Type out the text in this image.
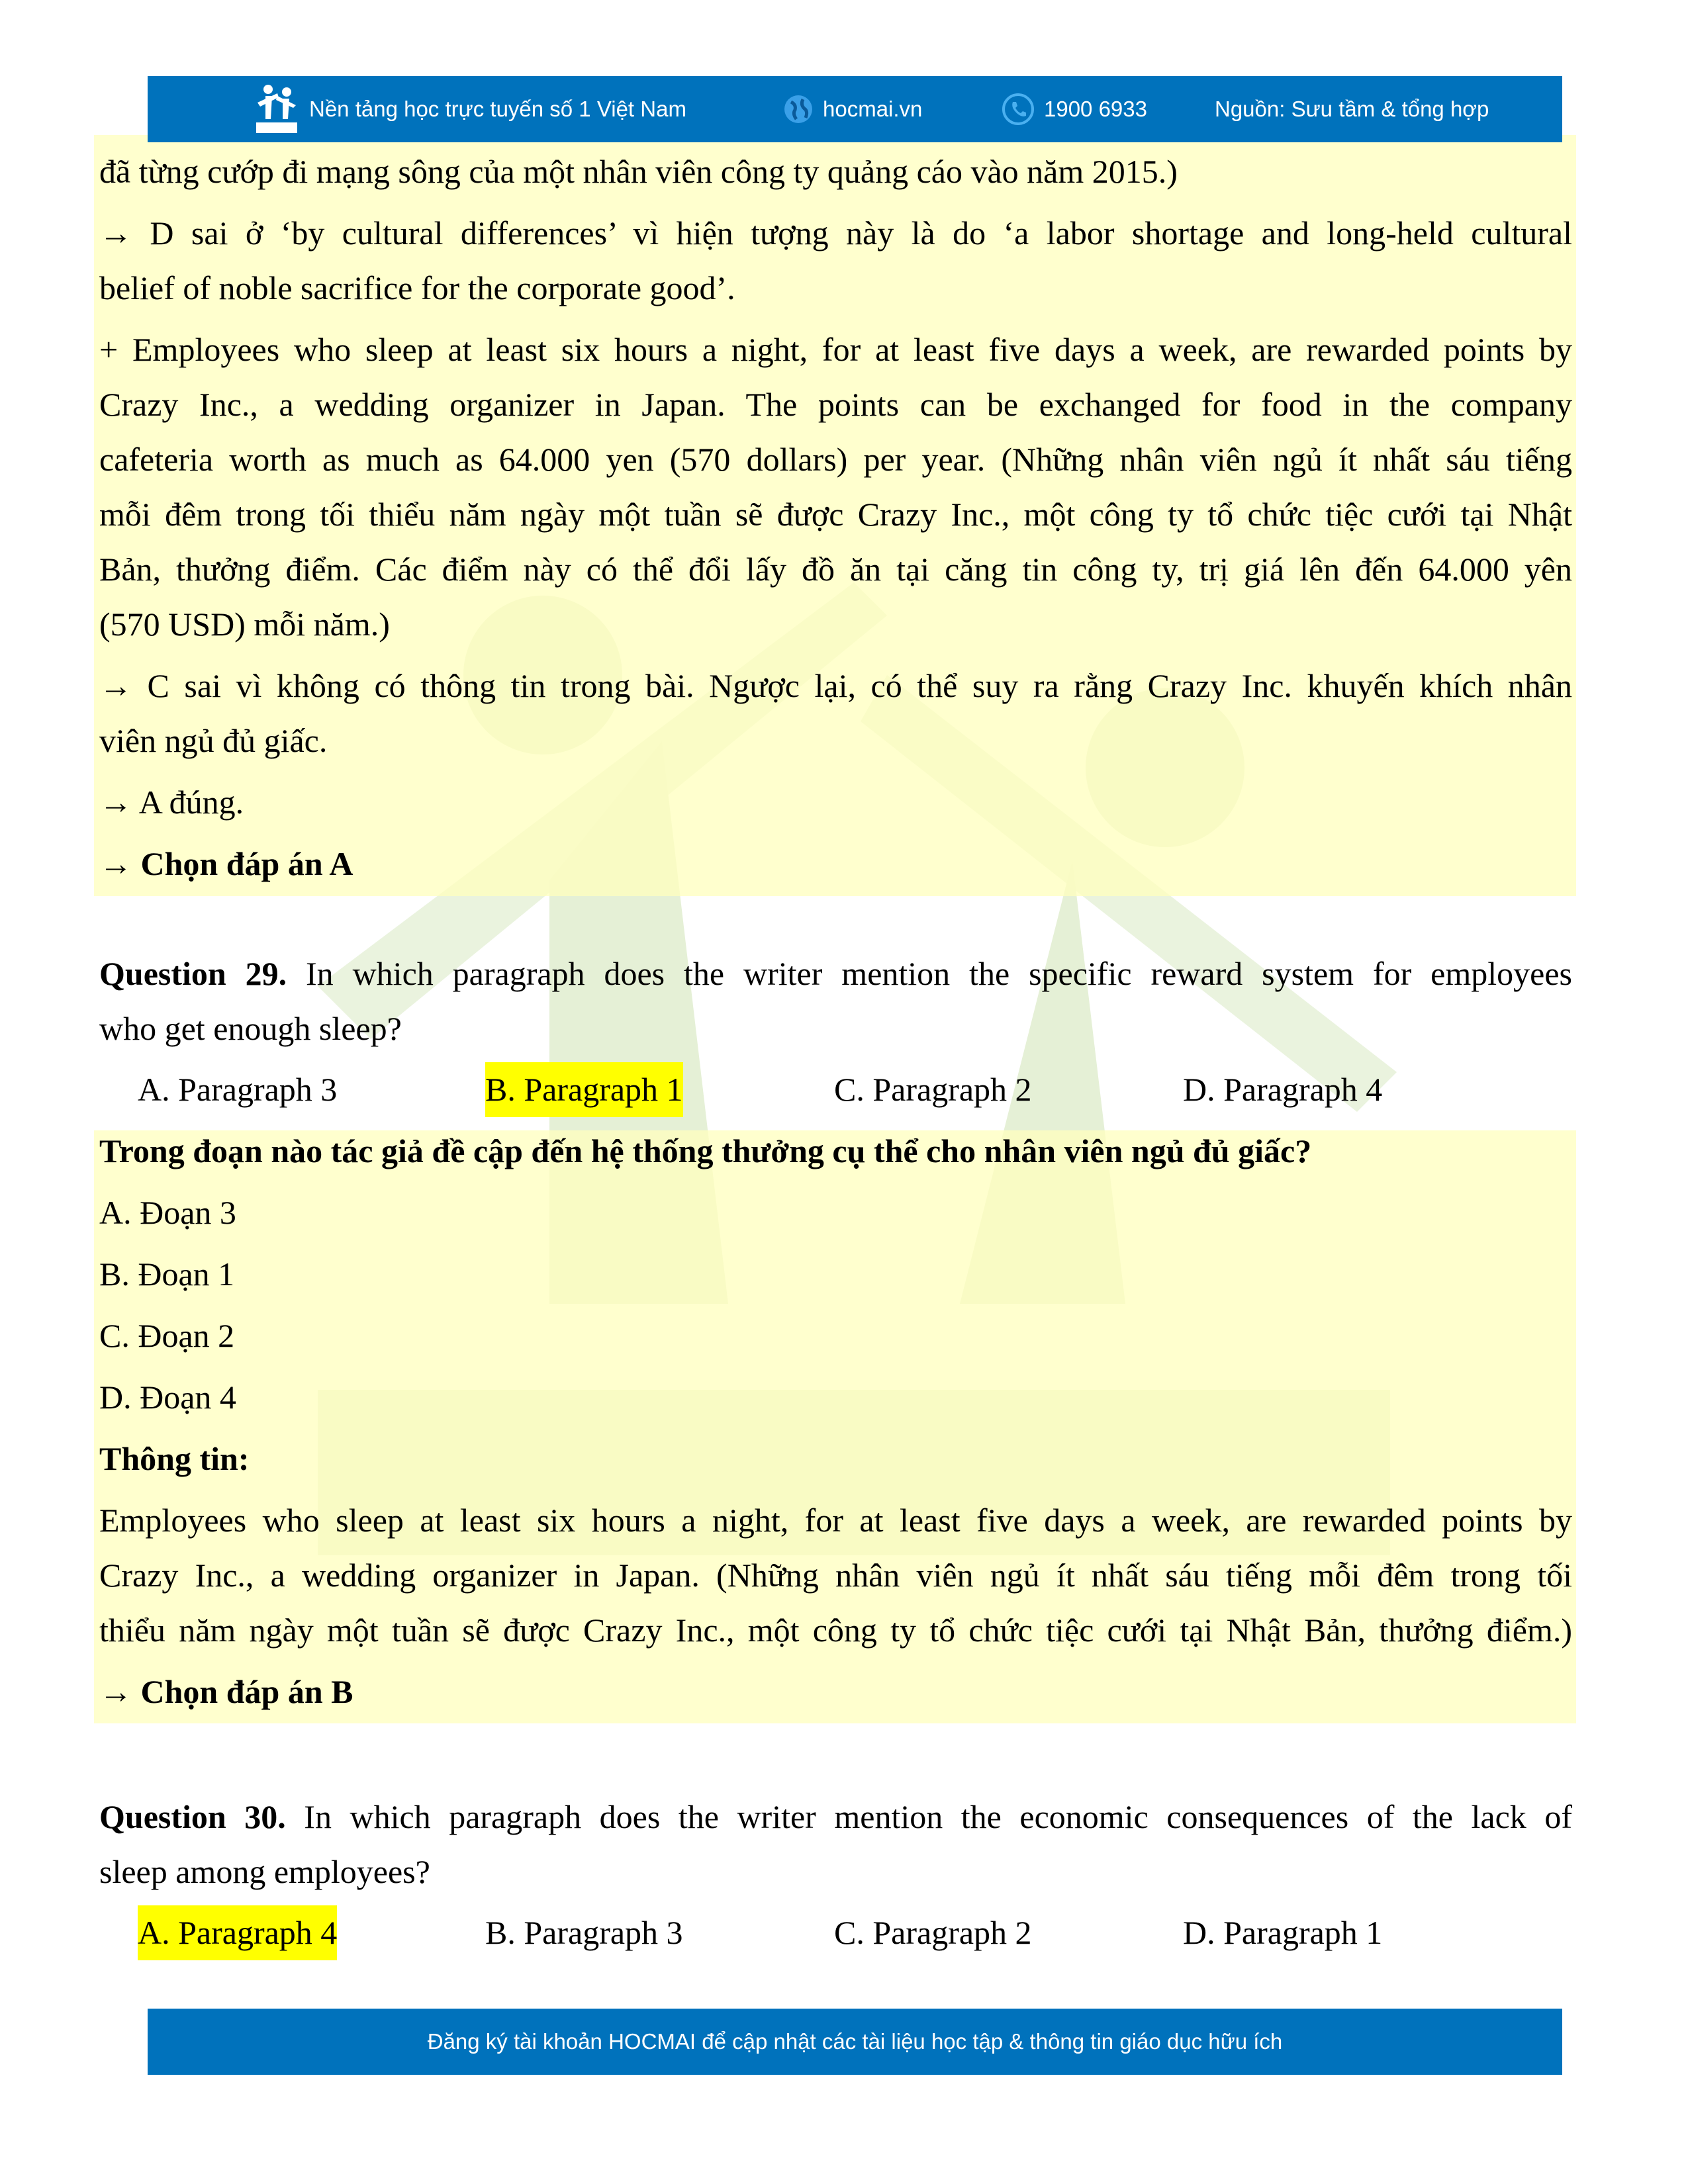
Nền tảng học trực tuyến số 1 Việt Nam	hocmai.vn	1900 6933	Nguồn: Sưu tầm & tổng hợp
đã từng cướp đi mạng sông của một nhân viên công ty quảng cáo vào năm 2015.)
→ D sai ở ‘by cultural differences’ vì hiện tượng này là do ‘a labor shortage and long-held cultural
belief of noble sacrifice for the corporate good’.
+ Employees who sleep at least six hours a night, for at least five days a week, are rewarded points by
Crazy Inc., a wedding organizer in Japan. The points can be exchanged for food in the company
cafeteria worth as much as 64.000 yen (570 dollars) per year. (Những nhân viên ngủ ít nhất sáu tiếng
mỗi đêm trong tối thiểu năm ngày một tuần sẽ được Crazy Inc., một công ty tổ chức tiệc cưới tại Nhật
Bản, thưởng điểm. Các điểm này có thể đổi lấy đồ ăn tại căng tin công ty, trị giá lên đến 64.000 yên
(570 USD) mỗi năm.)
→ C sai vì không có thông tin trong bài. Ngược lại, có thể suy ra rằng Crazy Inc. khuyến khích nhân
viên ngủ đủ giấc.
→ A đúng.
→ Chọn đáp án A
Question 29. In which paragraph does the writer mention the specific reward system for employees
who get enough sleep?
A. Paragraph 3	B. Paragraph 1	C. Paragraph 2	D. Paragraph 4
Trong đoạn nào tác giả đề cập đến hệ thống thưởng cụ thể cho nhân viên ngủ đủ giấc?
A. Đoạn 3
B. Đoạn 1
C. Đoạn 2
D. Đoạn 4
Thông tin:
Employees who sleep at least six hours a night, for at least five days a week, are rewarded points by
Crazy Inc., a wedding organizer in Japan. (Những nhân viên ngủ ít nhất sáu tiếng mỗi đêm trong tối
thiểu năm ngày một tuần sẽ được Crazy Inc., một công ty tổ chức tiệc cưới tại Nhật Bản, thưởng điểm.)
→ Chọn đáp án B
Question 30. In which paragraph does the writer mention the economic consequences of the lack of
sleep among employees?
A. Paragraph 4	B. Paragraph 3	C. Paragraph 2	D. Paragraph 1
Đăng ký tài khoản HOCMAI để cập nhật các tài liệu học tập & thông tin giáo dục hữu ích
